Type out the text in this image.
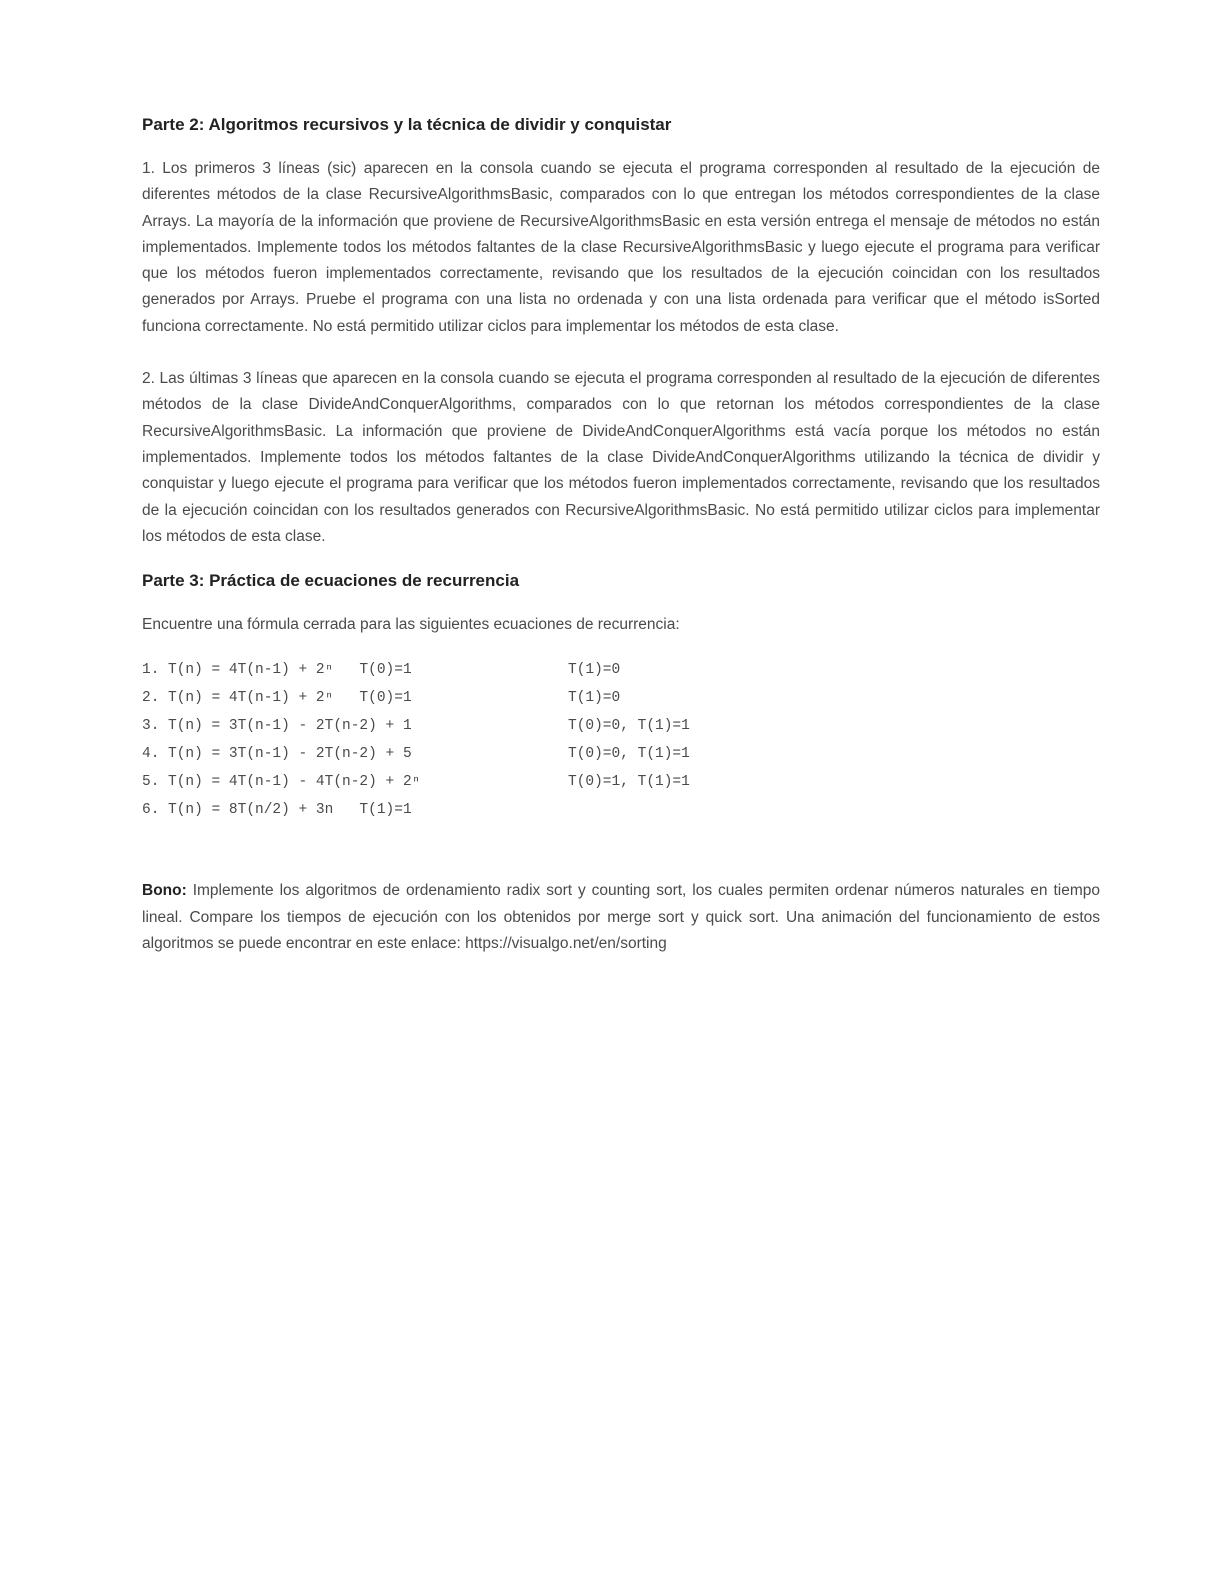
Parte 2: Algoritmos recursivos y la técnica de dividir y conquistar

1. Los primeros 3 líneas (sic) aparecen en la consola cuando se ejecuta el programa corresponden al resultado de la ejecución de diferentes métodos de la clase RecursiveAlgorithmsBasic, comparados con lo que entregan los métodos correspondientes de la clase Arrays. La mayoría de la información que proviene de RecursiveAlgorithmsBasic en esta versión entrega el mensaje de métodos no están implementados. Implemente todos los métodos faltantes de la clase RecursiveAlgorithmsBasic y luego ejecute el programa para verificar que los métodos fueron implementados correctamente, revisando que los resultados de la ejecución coincidan con los resultados generados por Arrays. Pruebe el programa con una lista no ordenada y con una lista ordenada para verificar que el método isSorted funciona correctamente. No está permitido utilizar ciclos para implementar los métodos de esta clase.

2. Las últimas 3 líneas que aparecen en la consola cuando se ejecuta el programa corresponden al resultado de la ejecución de diferentes métodos de la clase DivideAndConquerAlgorithms, comparados con lo que retornan los métodos correspondientes de la clase RecursiveAlgorithmsBasic. La información que proviene de DivideAndConquerAlgorithms está vacía porque los métodos no están implementados. Implemente todos los métodos faltantes de la clase DivideAndConquerAlgorithms utilizando la técnica de dividir y conquistar y luego ejecute el programa para verificar que los métodos fueron implementados correctamente, revisando que los resultados de la ejecución coincidan con los resultados generados con RecursiveAlgorithmsBasic. No está permitido utilizar ciclos para implementar los métodos de esta clase.

Parte 3: Práctica de ecuaciones de recurrencia

Encuentre una fórmula cerrada para las siguientes ecuaciones de recurrencia:

1. T(n) = 4T(n-1) + 2ⁿ   T(0)=1	T(1)=0
2. T(n) = 4T(n-1) + 2ⁿ   T(0)=1	T(1)=0
3. T(n) = 3T(n-1) - 2T(n-2) + 1	T(0)=0, T(1)=1
4. T(n) = 3T(n-1) - 2T(n-2) + 5	T(0)=0, T(1)=1
5. T(n) = 4T(n-1) - 4T(n-2) + 2ⁿ	T(0)=1, T(1)=1
6. T(n) = 8T(n/2) + 3n   T(1)=1

Bono: Implemente los algoritmos de ordenamiento radix sort y counting sort, los cuales permiten ordenar números naturales en tiempo lineal. Compare los tiempos de ejecución con los obtenidos por merge sort y quick sort. Una animación del funcionamiento de estos algoritmos se puede encontrar en este enlace: https://visualgo.net/en/sorting
